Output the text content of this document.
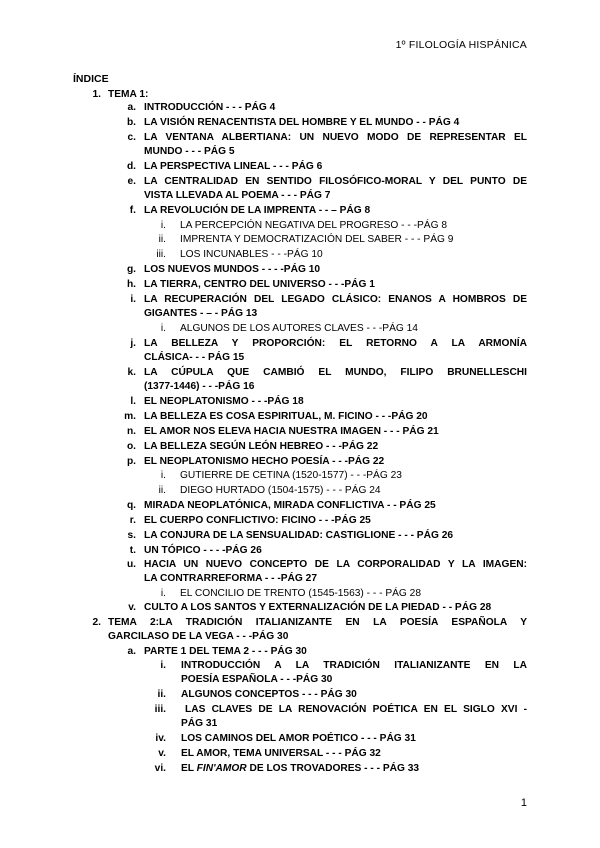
1º FILOLOGÍA HISPÁNICA
ÍNDICE
1. TEMA 1:
a. INTRODUCCIÓN - - - PÁG 4
b. LA VISIÓN RENACENTISTA DEL HOMBRE Y EL MUNDO - - PÁG 4
c. LA VENTANA ALBERTIANA: UN NUEVO MODO DE REPRESENTAR EL
MUNDO - - - PÁG 5
d. LA PERSPECTIVA LINEAL - - - PÁG 6
e. LA CENTRALIDAD EN SENTIDO FILOSÓFICO-MORAL Y DEL PUNTO DE
VISTA LLEVADA AL POEMA - - - PÁG 7
f. LA REVOLUCIÓN DE LA IMPRENTA - - – PÁG 8
i. LA PERCEPCIÓN NEGATIVA DEL PROGRESO - - -PÁG 8
ii. IMPRENTA Y DEMOCRATIZACIÓN DEL SABER - - - PÁG 9
iii. LOS INCUNABLES - - -PÁG 10
g. LOS NUEVOS MUNDOS - - - -PÁG 10
h. LA TIERRA, CENTRO DEL UNIVERSO - - -PÁG 1
i. LA RECUPERACIÓN DEL LEGADO CLÁSICO: ENANOS A HOMBROS DE
GIGANTES - – - PÁG 13
i. ALGUNOS DE LOS AUTORES CLAVES - - -PÁG 14
j. LA BELLEZA Y PROPORCIÓN: EL RETORNO A LA ARMONÍA
CLÁSICA- - - PÁG 15
k. LA CÚPULA QUE CAMBIÓ EL MUNDO, FILIPO BRUNELLESCHI
(1377-1446) - - -PÁG 16
l. EL NEOPLATONISMO - - -PÁG 18
m. LA BELLEZA ES COSA ESPIRITUAL, M. FICINO - - -PÁG 20
n. EL AMOR NOS ELEVA HACIA NUESTRA IMAGEN - - - PÁG 21
o. LA BELLEZA SEGÚN LEÓN HEBREO - - -PÁG 22
p. EL NEOPLATONISMO HECHO POESÍA - - -PÁG 22
i. GUTIERRE DE CETINA (1520-1577) - - -PÁG 23
ii. DIEGO HURTADO (1504-1575) - - - PÁG 24
q. MIRADA NEOPLATÓNICA, MIRADA CONFLICTIVA - - PÁG 25
r. EL CUERPO CONFLICTIVO: FICINO - - -PÁG 25
s. LA CONJURA DE LA SENSUALIDAD: CASTIGLIONE - - - PÁG 26
t. UN TÓPICO - - - -PÁG 26
u. HACIA UN NUEVO CONCEPTO DE LA CORPORALIDAD Y LA IMAGEN:
LA CONTRARREFORMA - - -PÁG 27
i. EL CONCILIO DE TRENTO (1545-1563) - - - PÁG 28
v. CULTO A LOS SANTOS Y EXTERNALIZACIÓN DE LA PIEDAD - - PÁG 28
2. TEMA 2:LA TRADICIÓN ITALIANIZANTE EN LA POESÍA ESPAÑOLA Y
GARCILASO DE LA VEGA - - -PÁG 30
a. PARTE 1 DEL TEMA 2 - - - PÁG 30
i. INTRODUCCIÓN A LA TRADICIÓN ITALIANIZANTE EN LA
POESÍA ESPAÑOLA - - -PÁG 30
ii. ALGUNOS CONCEPTOS - - - PÁG 30
iii. LAS CLAVES DE LA RENOVACIÓN POÉTICA EN EL SIGLO XVI -
PÁG 31
iv. LOS CAMINOS DEL AMOR POÉTICO - - - PÁG 31
v. EL AMOR, TEMA UNIVERSAL - - - PÁG 32
vi. EL FIN'AMOR DE LOS TROVADORES - - - PÁG 33
1
